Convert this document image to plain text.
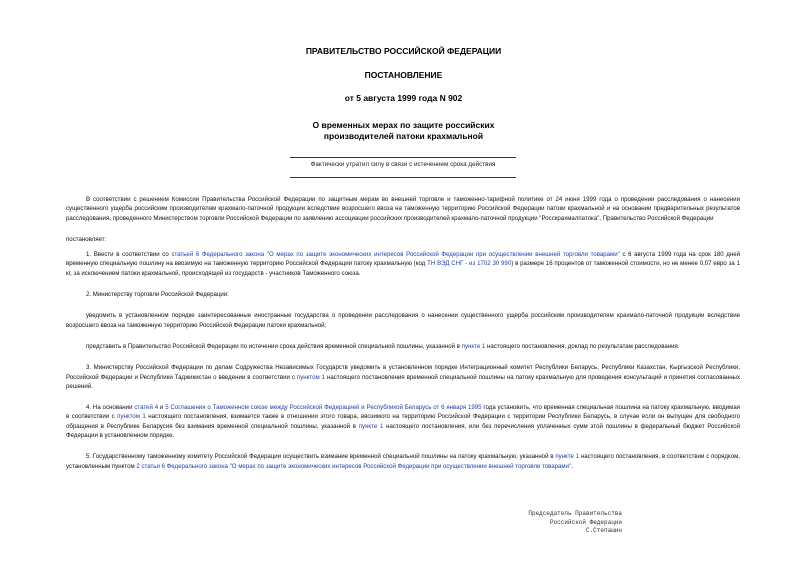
ПРАВИТЕЛЬСТВО РОССИЙСКОЙ ФЕДЕРАЦИИ
ПОСТАНОВЛЕНИЕ
от 5 августа 1999 года N 902
О временных мерах по защите российских
производителей патоки крахмальной
Фактически утратил силу в связи с истечением срока действия

В соответствии с решением Комиссии Правительства Российской Федерации по защитным мерам во внешней торговле и таможенно-тарифной политике от 24 июня 1999 года о проведении расследования о нанесении существенного ущерба российским производителям крахмало-паточной продукции вследствие возросшего ввоза на таможенную территорию Российской Федерации патоки крахмальной и на основании предварительных результатов расследования, проведенного Министерством торговли Российской Федерации по заявлению ассоциации российских производителей крахмало-паточной продукции "Росскрахмалпатока", Правительство Российской Федерации

постановляет:

1. Ввести в соответствии со статьей 6 Федерального закона "О мерах по защите экономических интересов Российской Федерации при осуществлении внешней торговли товарами" с 6 августа 1999 года на срок 180 дней временную специальную пошлину на ввозимую на таможенную территорию Российской Федерации патоку крахмальную (код ТН ВЭД СНГ - из 1702 30 990) в размере 16 процентов от таможенной стоимости, но не менее 0,07 евро за 1 кг, за исключением патоки крахмальной, происходящей из государств - участников Таможенного союза.

2. Министерству торговли Российской Федерации:

уведомить в установленном порядке заинтересованные иностранные государства о проведении расследования о нанесении существенного ущерба российским производителям крахмало-паточной продукции вследствие возросшего ввоза на таможенную территорию Российской Федерации патоки крахмальной;

представить в Правительство Российской Федерации по истечении срока действия временной специальной пошлины, указанной в пункте 1 настоящего постановления, доклад по результатам расследования.

3. Министерству Российской Федерации по делам Содружества Независимых Государств уведомить в установленном порядке Интеграционный комитет Республики Беларусь, Республики Казахстан, Кыргызской Республики, Российской Федерации и Республики Таджикистан о введении в соответствии с пунктом 1 настоящего постановления временной специальной пошлины на патоку крахмальную для проведения консультаций и принятия согласованных решений.

4. На основании статей 4 и 5 Соглашения о Таможенном союзе между Российской Федерацией и Республикой Беларусь от 6 января 1995 года установить, что временная специальная пошлина на патоку крахмальную, вводимая в соответствии с пунктом 1 настоящего постановления, взимается также в отношении этого товара, ввозимого на территорию Российской Федерации с территории Республики Беларусь, в случае если он выпущен для свободного обращения в Республике Беларусия без взимания временной специальной пошлины, указанной в пункте 1 настоящего постановления, или без перечисления уплаченных сумм этой пошлины в федеральный бюджет Российской Федерации в установленном порядке.

5. Государственному таможенному комитету Российской Федерации осуществить взимание временной специальной пошлины на патоку крахмальную, указанной в пункте 1 настоящего постановления, в соответствии с порядком, установленным пунктом 2 статьи 6 Федерального закона "О мерах по защите экономических интересов Российской Федерации при осуществлении внешней торговли товарами".

Председатель Правительства
Российской Федерации
С.Степашин
